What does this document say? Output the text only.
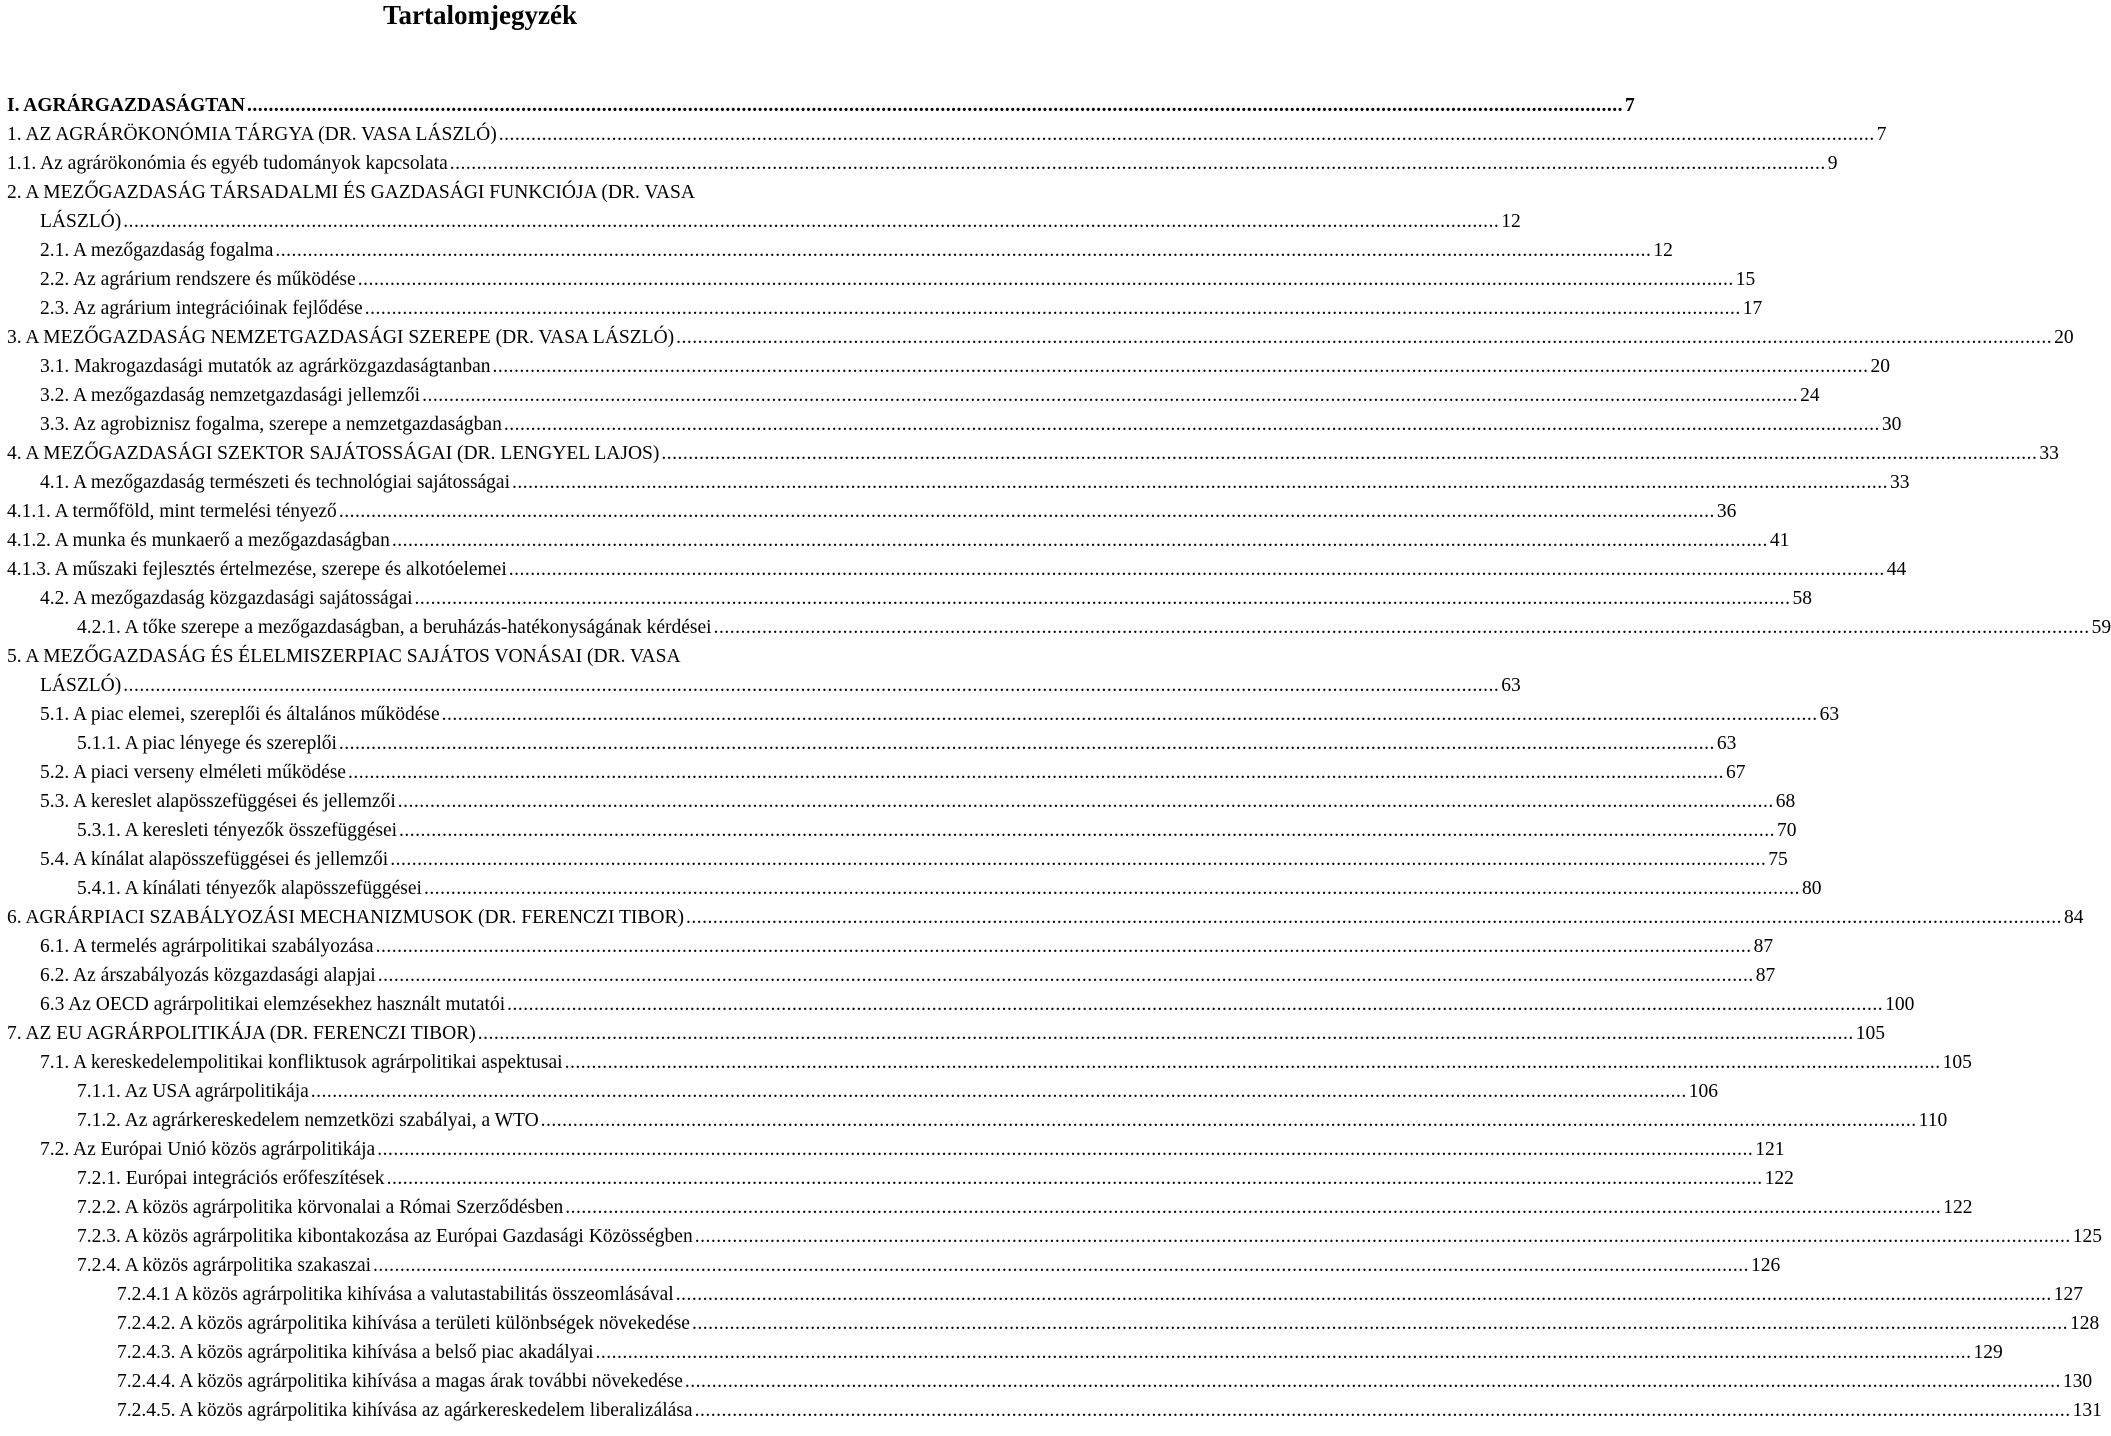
Tartalomjegyzék
I. AGRÁRGAZDASÁGTAN .....	7
1. AZ AGRÁRÖKONÓMIA TÁRGYA (DR. VASA LÁSZLÓ) .....	7
1.1. Az agrárökonómia és egyéb tudományok kapcsolata .....	9
2. A MEZŐGAZDASÁG TÁRSADALMI ÉS GAZDASÁGI FUNKCIÓJA (DR. VASA
LÁSZLÓ) .....	12
2.1. A mezőgazdaság fogalma .....	12
2.2. Az agrárium rendszere és működése .....	15
2.3. Az agrárium integrációinak fejlődése .....	17
3. A MEZŐGAZDASÁG NEMZETGAZDASÁGI SZEREPE (DR. VASA LÁSZLÓ) .....	20
3.1. Makrogazdasági mutatók az agrárközgazdaságtanban .....	20
3.2. A mezőgazdaság nemzetgazdasági jellemzői .....	24
3.3. Az agrobiznisz fogalma, szerepe a nemzetgazdaságban .....	30
4. A MEZŐGAZDASÁGI SZEKTOR SAJÁTOSSÁGAI (DR. LENGYEL LAJOS) .....	33
4.1. A mezőgazdaság természeti és technológiai sajátosságai .....	33
4.1.1. A termőföld, mint termelési tényező .....	36
4.1.2. A munka és munkaerő a mezőgazdaságban .....	41
4.1.3. A műszaki fejlesztés értelmezése, szerepe és alkotóelemei .....	44
4.2. A mezőgazdaság közgazdasági sajátosságai .....	58
4.2.1. A tőke szerepe a mezőgazdaságban, a beruházás-hatékonyságának kérdései .....	59
5. A MEZŐGAZDASÁG ÉS ÉLELMISZERPIAC SAJÁTOS VONÁSAI (DR. VASA
LÁSZLÓ) .....	63
5.1. A piac elemei, szereplői és általános működése .....	63
5.1.1. A piac lényege és szereplői .....	63
5.2. A piaci verseny elméleti működése .....	67
5.3. A kereslet alapösszefüggései és jellemzői .....	68
5.3.1. A keresleti tényezők összefüggései .....	70
5.4. A kínálat alapösszefüggései és jellemzői .....	75
5.4.1. A kínálati tényezők alapösszefüggései .....	80
6. AGRÁRPIACI SZABÁLYOZÁSI MECHANIZMUSOK (DR. FERENCZI TIBOR) .....	84
6.1. A termelés agrárpolitikai szabályozása .....	87
6.2. Az árszabályozás közgazdasági alapjai .....	87
6.3 Az OECD agrárpolitikai elemzésekhez használt mutatói .....	100
7. AZ EU AGRÁRPOLITIKÁJA (DR. FERENCZI TIBOR) .....	105
7.1. A kereskedelempolitikai konfliktusok agrárpolitikai aspektusai .....	105
7.1.1. Az USA agrárpolitikája .....	106
7.1.2. Az agrárkereskedelem nemzetközi szabályai, a WTO .....	110
7.2. Az Európai Unió közös agrárpolitikája .....	121
7.2.1. Európai integrációs erőfeszítések .....	122
7.2.2. A közös agrárpolitika körvonalai a Római Szerződésben .....	122
7.2.3. A közös agrárpolitika kibontakozása az Európai Gazdasági Közösségben .....	125
7.2.4. A közös agrárpolitika szakaszai .....	126
7.2.4.1 A közös agrárpolitika kihívása a valutastabilitás összeomlásával .....	127
7.2.4.2. A közös agrárpolitika kihívása a területi különbségek növekedése .....	128
7.2.4.3. A közös agrárpolitika kihívása a belső piac akadályai .....	129
7.2.4.4. A közös agrárpolitika kihívása a magas árak további növekedése .....	130
7.2.4.5. A közös agrárpolitika kihívása az agárkereskedelem liberalizálása .....	131
